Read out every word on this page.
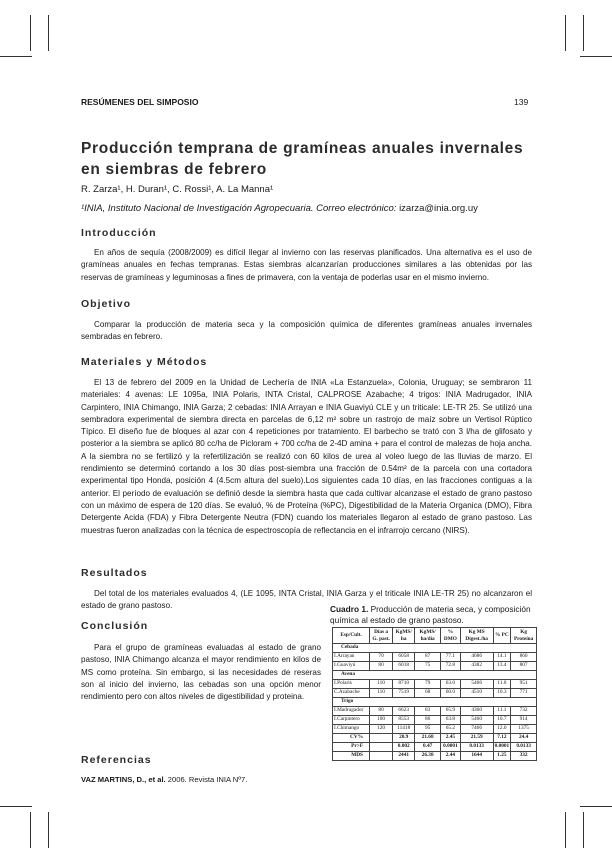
RESÚMENES DEL SIMPOSIO	139
Producción temprana de gramíneas anuales invernales en siembras de febrero
R. Zarza¹, H. Duran¹, C. Rossi¹, A. La Manna¹
¹INIA, Instituto Nacional de Investigación Agropecuaria. Correo electrónico: izarza@inia.org.uy
Introducción

En años de sequía (2008/2009) es difícil llegar al invierno con las reservas planificados. Una alternativa es el uso de gramíneas anuales en fechas tempranas. Estas siembras alcanzarían producciones similares a las obtenidas por las reservas de gramíneas y leguminosas a fines de primavera, con la ventaja de poderlas usar en el mismo invierno.

Objetivo

Comparar la producción de materia seca y la composición química de diferentes gramíneas anuales invernales sembradas en febrero.

Materiales y Métodos

El 13 de febrero del 2009 en la Unidad de Lechería de INIA «La Estanzuela», Colonia, Uruguay; se sembraron 11 materiales: 4 avenas: LE 1095a, INIA Polaris, INTA Cristal, CALPROSE Azabache; 4 trigos: INIA Madrugador, INIA Carpintero, INIA Chimango, INIA Garza; 2 cebadas: INIA Arrayan e INIA Guaviyú CLE y un triticale: LE-TR 25. Se utilizó una sembradora experimental de siembra directa en parcelas de 6,12 m² sobre un rastrojo de maíz sobre un Vertisol Rúptico Típico. El diseño fue de bloques al azar con 4 repeticiones por tratamiento. El barbecho se trató con 3 l/ha de glifosato y posterior a la siembra se aplicó 80 cc/ha de Picloram + 700 cc/ha de 2-4D amina + para el control de malezas de hoja ancha. A la siembra no se fertilizó y la refertilización se realizó con 60 kilos de urea al voleo luego de las lluvias de marzo. El rendimiento se determinó cortando a los 30 días post-siembra una fracción de 0.54m² de la parcela con una cortadora experimental tipo Honda, posición 4 (4.5cm altura del suelo).Los siguientes cada 10 días, en las fracciones contiguas a la anterior. El período de evaluación se definió desde la siembra hasta que cada cultivar alcanzase el estado de grano pastoso con un máximo de espera de 120 días. Se evaluó, % de Proteína (%PC), Digestibilidad de la Materia Organica (DMO), Fibra Detergente Acida (FDA) y Fibra Detergente Neutra (FDN) cuando los materiales llegaron al estado de grano pastoso. Las muestras fueron analizadas con la técnica de espectroscopía de reflectancia en el infrarrojo cercano (NIRS).

Resultados

Del total de los materiales evaluados 4, (LE 1095, INTA Cristal, INIA Garza y el triticale INIA LE-TR 25) no alcanzaron el estado de grano pastoso.

Conclusión

Para el grupo de gramíneas evaluadas al estado de grano pastoso, INIA Chimango alcanza el mayor rendimiento en kilos de MS como proteína. Sin embargo, si las necesidades de reseras son al inicio del invierno, las cebadas son una opción menor rendimiento pero con altos niveles de digestibilidad y proteina.

Referencias
VAZ MARTINS, D., et al. 2006. Revista INIA Nº7.
Cuadro 1. Producción de materia seca, y composición química al estado de grano pastoso.
Esp/Cult.	Días a G. past.	KgMS/ ha	KgMS/ ha/día	% DMO	Kg MS Digest./ha	% PC	Kg Proteína
Cebada							
I.Arrayan	70	6058	87	77.1	4686	14.1	860
I.Guaviyú	80	6018	75	72.8	4382	13.4	807
Avena							
I.Polaris	110	8710	79	63.0	5466	11.0	951
C.Azabache	110	7519	68	60.0	4510	10.3	771
Trigo							
I.Madrugador	80	6623	83	65.9	4360	11.1	732
I.Carpintero	100	8553	86	63.8	5460	10.7	914
I.Chimango	120	11418	95	65.2	7466	12.0	1375
CV%		20.9	21.68	2.45	21.59	7.12	24.4
Pr>F		0.002	0.47	0.0001	0.0133	0.0001	0.0133
MDS		2441	26.38	2.44	1644	1.25	332
